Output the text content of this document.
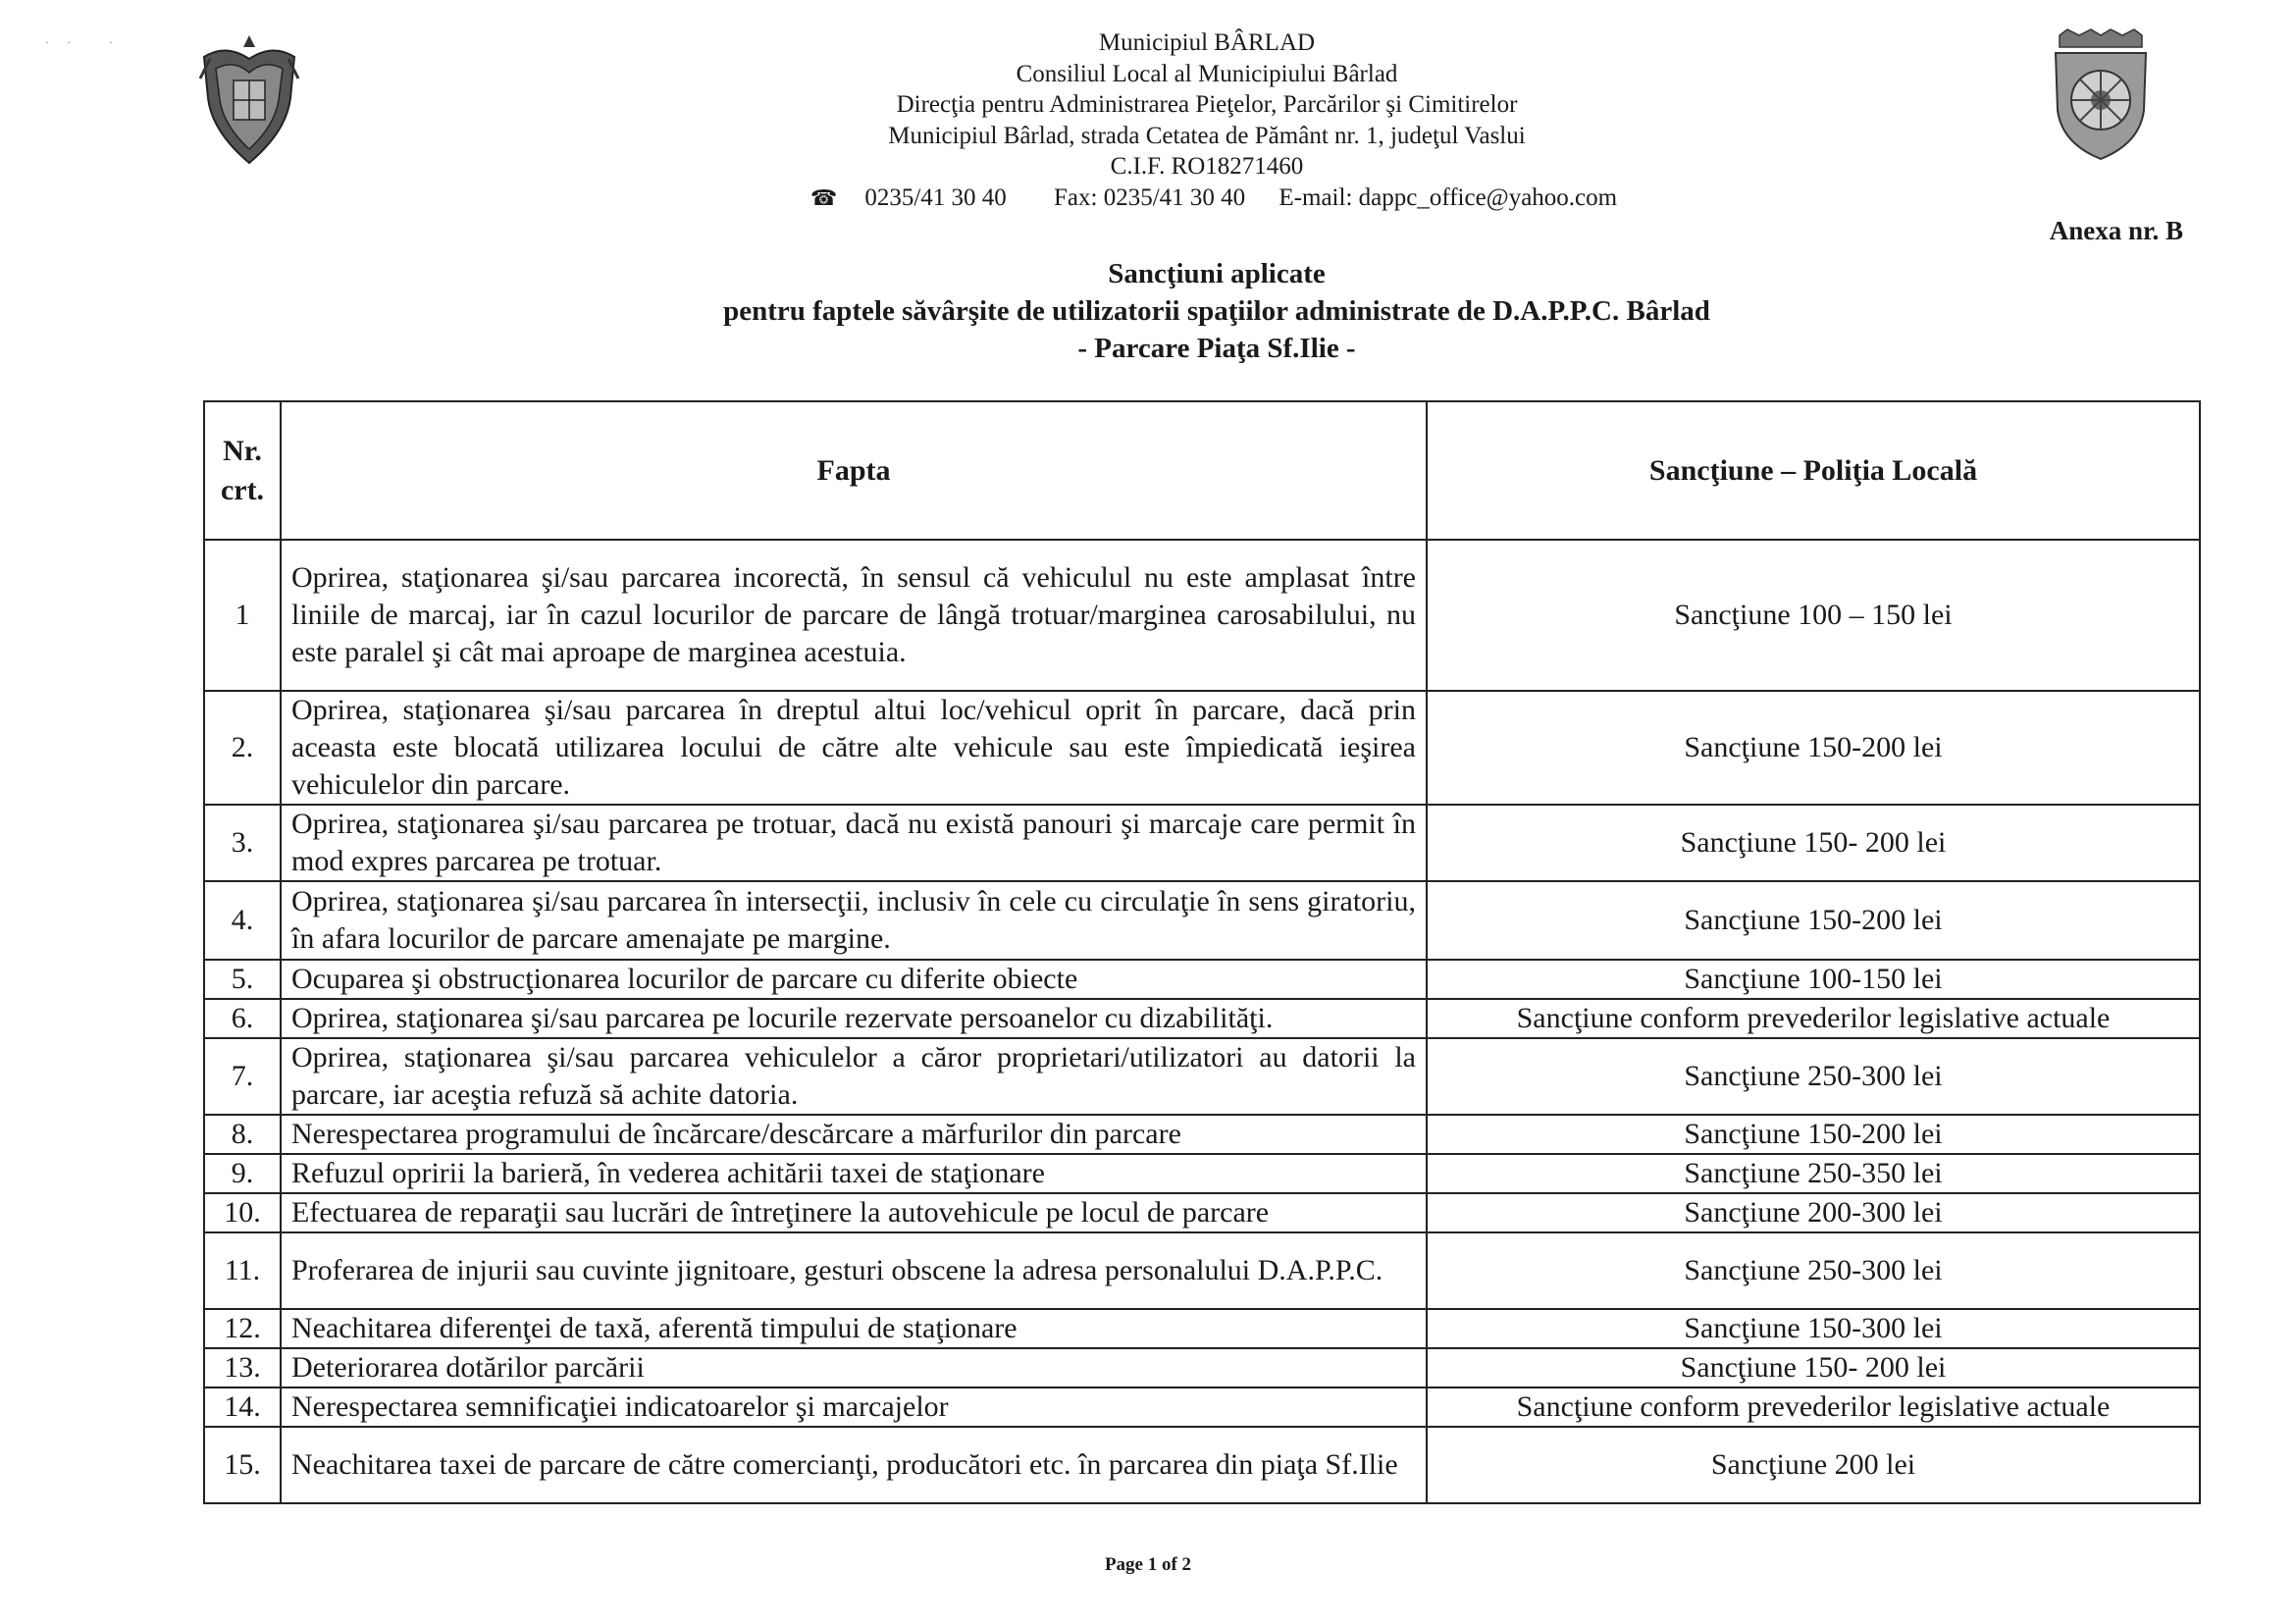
·· ·	Municipiul BÂRLAD
Consiliul Local al Municipiului Bârlad
Direcţia pentru Administrarea Pieţelor, Parcărilor şi Cimitirelor
Municipiul Bârlad, strada Cetatea de Pământ nr. 1, judeţul Vaslui
C.I.F. RO18271460
☎ 0235/41 30 40 Fax: 0235/41 30 40 E-mail: dappc_office@yahoo.com
Anexa nr. B
Sancţiuni aplicate
pentru faptele săvârşite de utilizatorii spaţiilor administrate de D.A.P.P.C. Bârlad
- Parcare Piaţa Sf.Ilie -
Nr. crt.	Fapta	Sancţiune – Poliţia Locală
1	Oprirea, staţionarea şi/sau parcarea incorectă, în sensul că vehiculul nu este amplasat între liniile de marcaj, iar în cazul locurilor de parcare de lângă trotuar/marginea carosabilului, nu este paralel şi cât mai aproape de marginea acestuia.	Sancţiune 100 – 150 lei
2.	Oprirea, staţionarea şi/sau parcarea în dreptul altui loc/vehicul oprit în parcare, dacă prin aceasta este blocată utilizarea locului de către alte vehicule sau este împiedicată ieşirea vehiculelor din parcare.	Sancţiune 150-200 lei
3.	Oprirea, staţionarea şi/sau parcarea pe trotuar, dacă nu există panouri şi marcaje care permit în mod expres parcarea pe trotuar.	Sancţiune 150- 200 lei
4.	Oprirea, staţionarea şi/sau parcarea în intersecţii, inclusiv în cele cu circulaţie în sens giratoriu, în afara locurilor de parcare amenajate pe margine.	Sancţiune 150-200 lei
5.	Ocuparea şi obstrucţionarea locurilor de parcare cu diferite obiecte	Sancţiune 100-150 lei
6.	Oprirea, staţionarea şi/sau parcarea pe locurile rezervate persoanelor cu dizabilităţi.	Sancţiune conform prevederilor legislative actuale
7.	Oprirea, staţionarea şi/sau parcarea vehiculelor a căror proprietari/utilizatori au datorii la parcare, iar aceştia refuză să achite datoria.	Sancţiune 250-300 lei
8.	Nerespectarea programului de încărcare/descărcare a mărfurilor din parcare	Sancţiune 150-200 lei
9.	Refuzul opririi la barieră, în vederea achitării taxei de staţionare	Sancţiune 250-350 lei
10.	Efectuarea de reparaţii sau lucrări de întreţinere la autovehicule pe locul de parcare	Sancţiune 200-300 lei
11.	Proferarea de injurii sau cuvinte jignitoare, gesturi obscene la adresa personalului D.A.P.P.C.	Sancţiune 250-300 lei
12.	Neachitarea diferenţei de taxă, aferentă timpului de staţionare	Sancţiune 150-300 lei
13.	Deteriorarea dotărilor parcării	Sancţiune 150- 200 lei
14.	Nerespectarea semnificaţiei indicatoarelor şi marcajelor	Sancţiune conform prevederilor legislative actuale
15.	Neachitarea taxei de parcare de către comercianţi, producători etc. în parcarea din piaţa Sf.Ilie	Sancţiune 200 lei
Page 1 of 2
